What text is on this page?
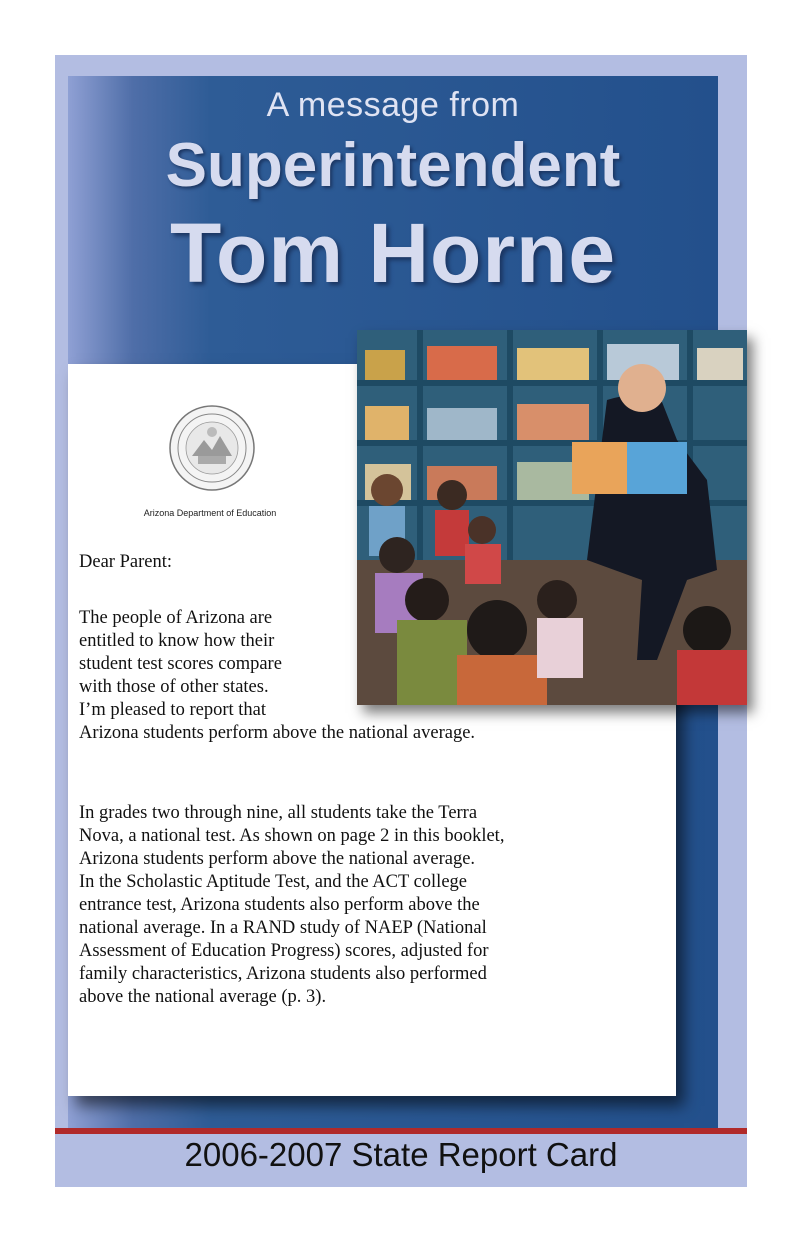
A message from
Superintendent
Tom Horne
Arizona Department of Education
Dear Parent:
The people of Arizona are
entitled to know how their
student test scores compare
with those of other states.
I’m pleased to report that
Arizona students perform above the national average.
In grades two through nine, all students take the Terra
Nova, a national test. As shown on page 2 in this booklet,
Arizona students perform above the national average.
In the Scholastic Aptitude Test, and the ACT college
entrance test, Arizona students also perform above the
national average. In a RAND study of NAEP (National
Assessment of Education Progress) scores, adjusted for
family characteristics, Arizona students also performed
above the national average (p. 3).
2006-2007 State Report Card
